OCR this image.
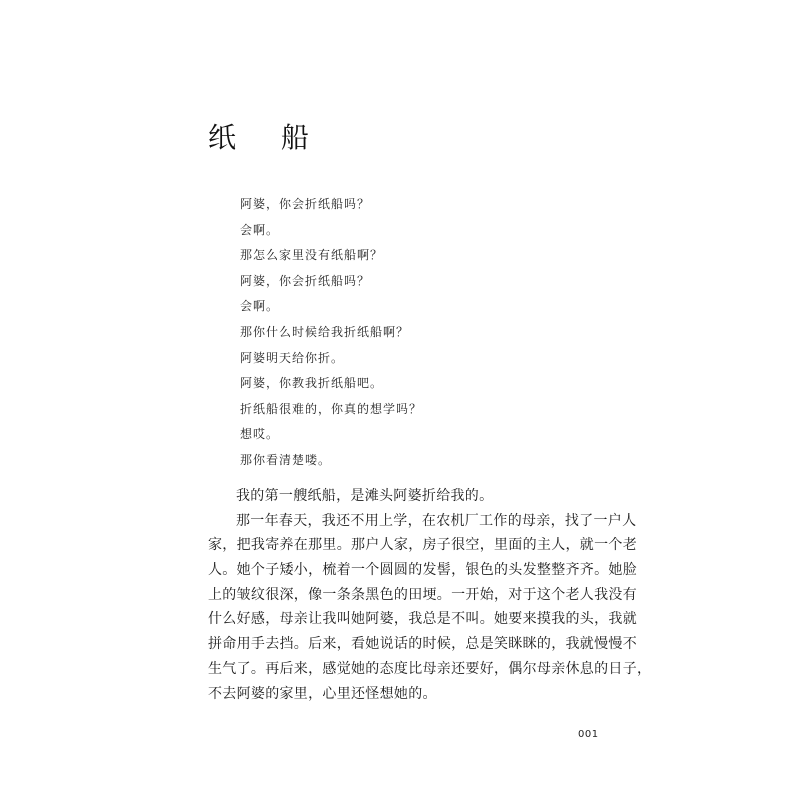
纸 船
阿婆，你会折纸船吗？
会啊。
那怎么家里没有纸船啊？
阿婆，你会折纸船吗？
会啊。
那你什么时候给我折纸船啊？
阿婆明天给你折。
阿婆，你教我折纸船吧。
折纸船很难的，你真的想学吗？
想哎。
那你看清楚喽。
我的第一艘纸船，是滩头阿婆折给我的。
那一年春天，我还不用上学，在农机厂工作的母亲，找了一户人
家，把我寄养在那里。那户人家，房子很空，里面的主人，就一个老
人。她个子矮小，梳着一个圆圆的发髻，银色的头发整整齐齐。她脸
上的皱纹很深，像一条条黑色的田埂。一开始，对于这个老人我没有
什么好感，母亲让我叫她阿婆，我总是不叫。她要来摸我的头，我就
拼命用手去挡。后来，看她说话的时候，总是笑眯眯的，我就慢慢不
生气了。再后来，感觉她的态度比母亲还要好，偶尔母亲休息的日子，
不去阿婆的家里，心里还怪想她的。
001
